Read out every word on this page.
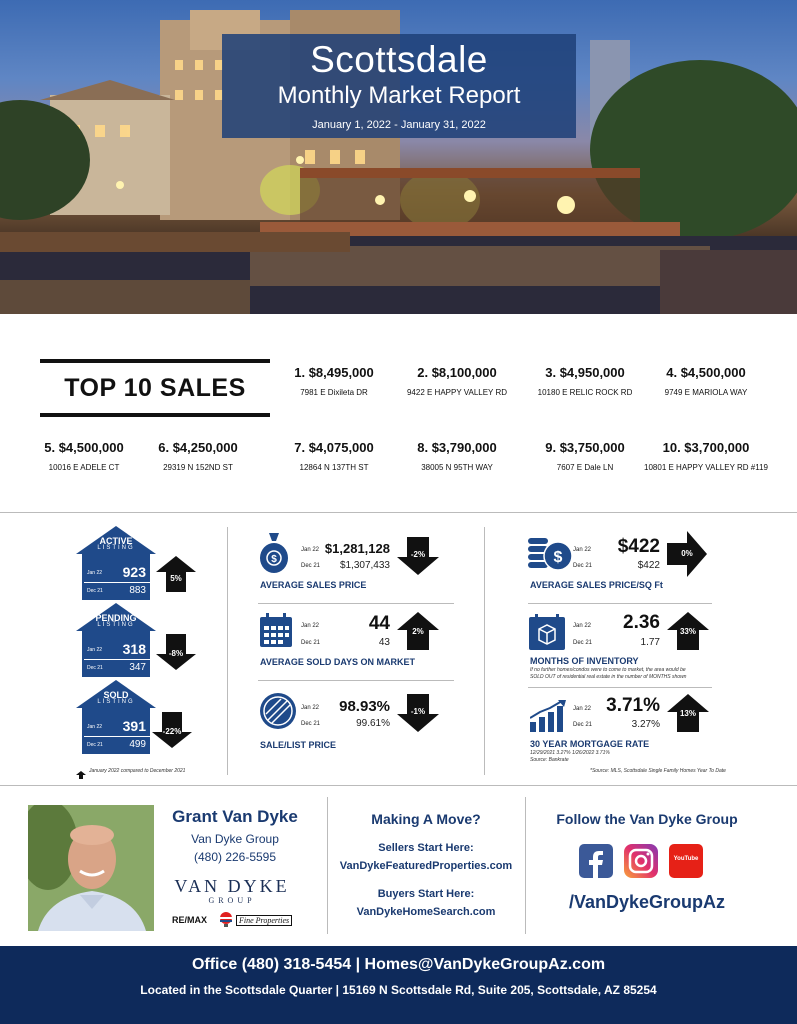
Scottsdale
Monthly Market Report
January 1, 2022 - January 31, 2022
TOP 10 SALES
1. $8,495,000
7981 E Dixileta DR
2. $8,100,000
9422 E HAPPY VALLEY RD
3. $4,950,000
10180 E RELIC ROCK RD
4. $4,500,000
9749 E MARIOLA WAY
5. $4,500,000
10016 E ADELE CT
6. $4,250,000
29319 N 152ND ST
7. $4,075,000
12864 N 137TH ST
8. $3,790,000
38005 N 95TH WAY
9. $3,750,000
7607 E Dale LN
10. $3,700,000
10801 E HAPPY VALLEY RD #119
ACTIVE
LISTING
Jan 22 923
Dec 21	883
5%
PENDING
LISTING
Jan 22 318
Dec 21	347
-8%
SOLD
LISTING
Jan 22 391
Dec 21	499
-22%
January 2022 compared to December 2021
$
Jan 22 $1,281,128
Dec 21	$1,307,433
-2%
AVERAGE SALES PRICE
Jan 22	44
Dec 21	43
2%
AVERAGE SOLD DAYS ON MARKET
Jan 22	98.93%
Dec 21	99.61%
-1%
SALE/LIST PRICE
$ Jan 22	$422
Dec 21	$422
0%
AVERAGE SALES PRICE/SQ Ft
Jan 22	2.36
Dec 21	1.77
33%
MONTHS OF INVENTORY
If no further homes/condos were to come to market, the area would be
SOLD OUT of residential real estate in the number of MONTHS shown
Jan 22 3.71%
Dec 21	3.27%
13%
30 YEAR MORTGAGE RATE
12/29/2021 3.27% 1/26/2022 3.71%
Source: Bankrate
*Source: MLS, Scottsdale Single Family Homes Year To Date
Grant Van Dyke
Van Dyke Group
(480) 226-5595
VAN DYKE
GROUP
RE/MAX	Fine Properties
Making A Move?
Sellers Start Here:
VanDykeFeaturedProperties.com
Buyers Start Here:
VanDykeHomeSearch.com
Follow the Van Dyke Group
YouTube
/VanDykeGroupAz
Office (480) 318-5454 | Homes@VanDykeGroupAz.com
Located in the Scottsdale Quarter | 15169 N Scottsdale Rd, Suite 205, Scottsdale, AZ 85254
